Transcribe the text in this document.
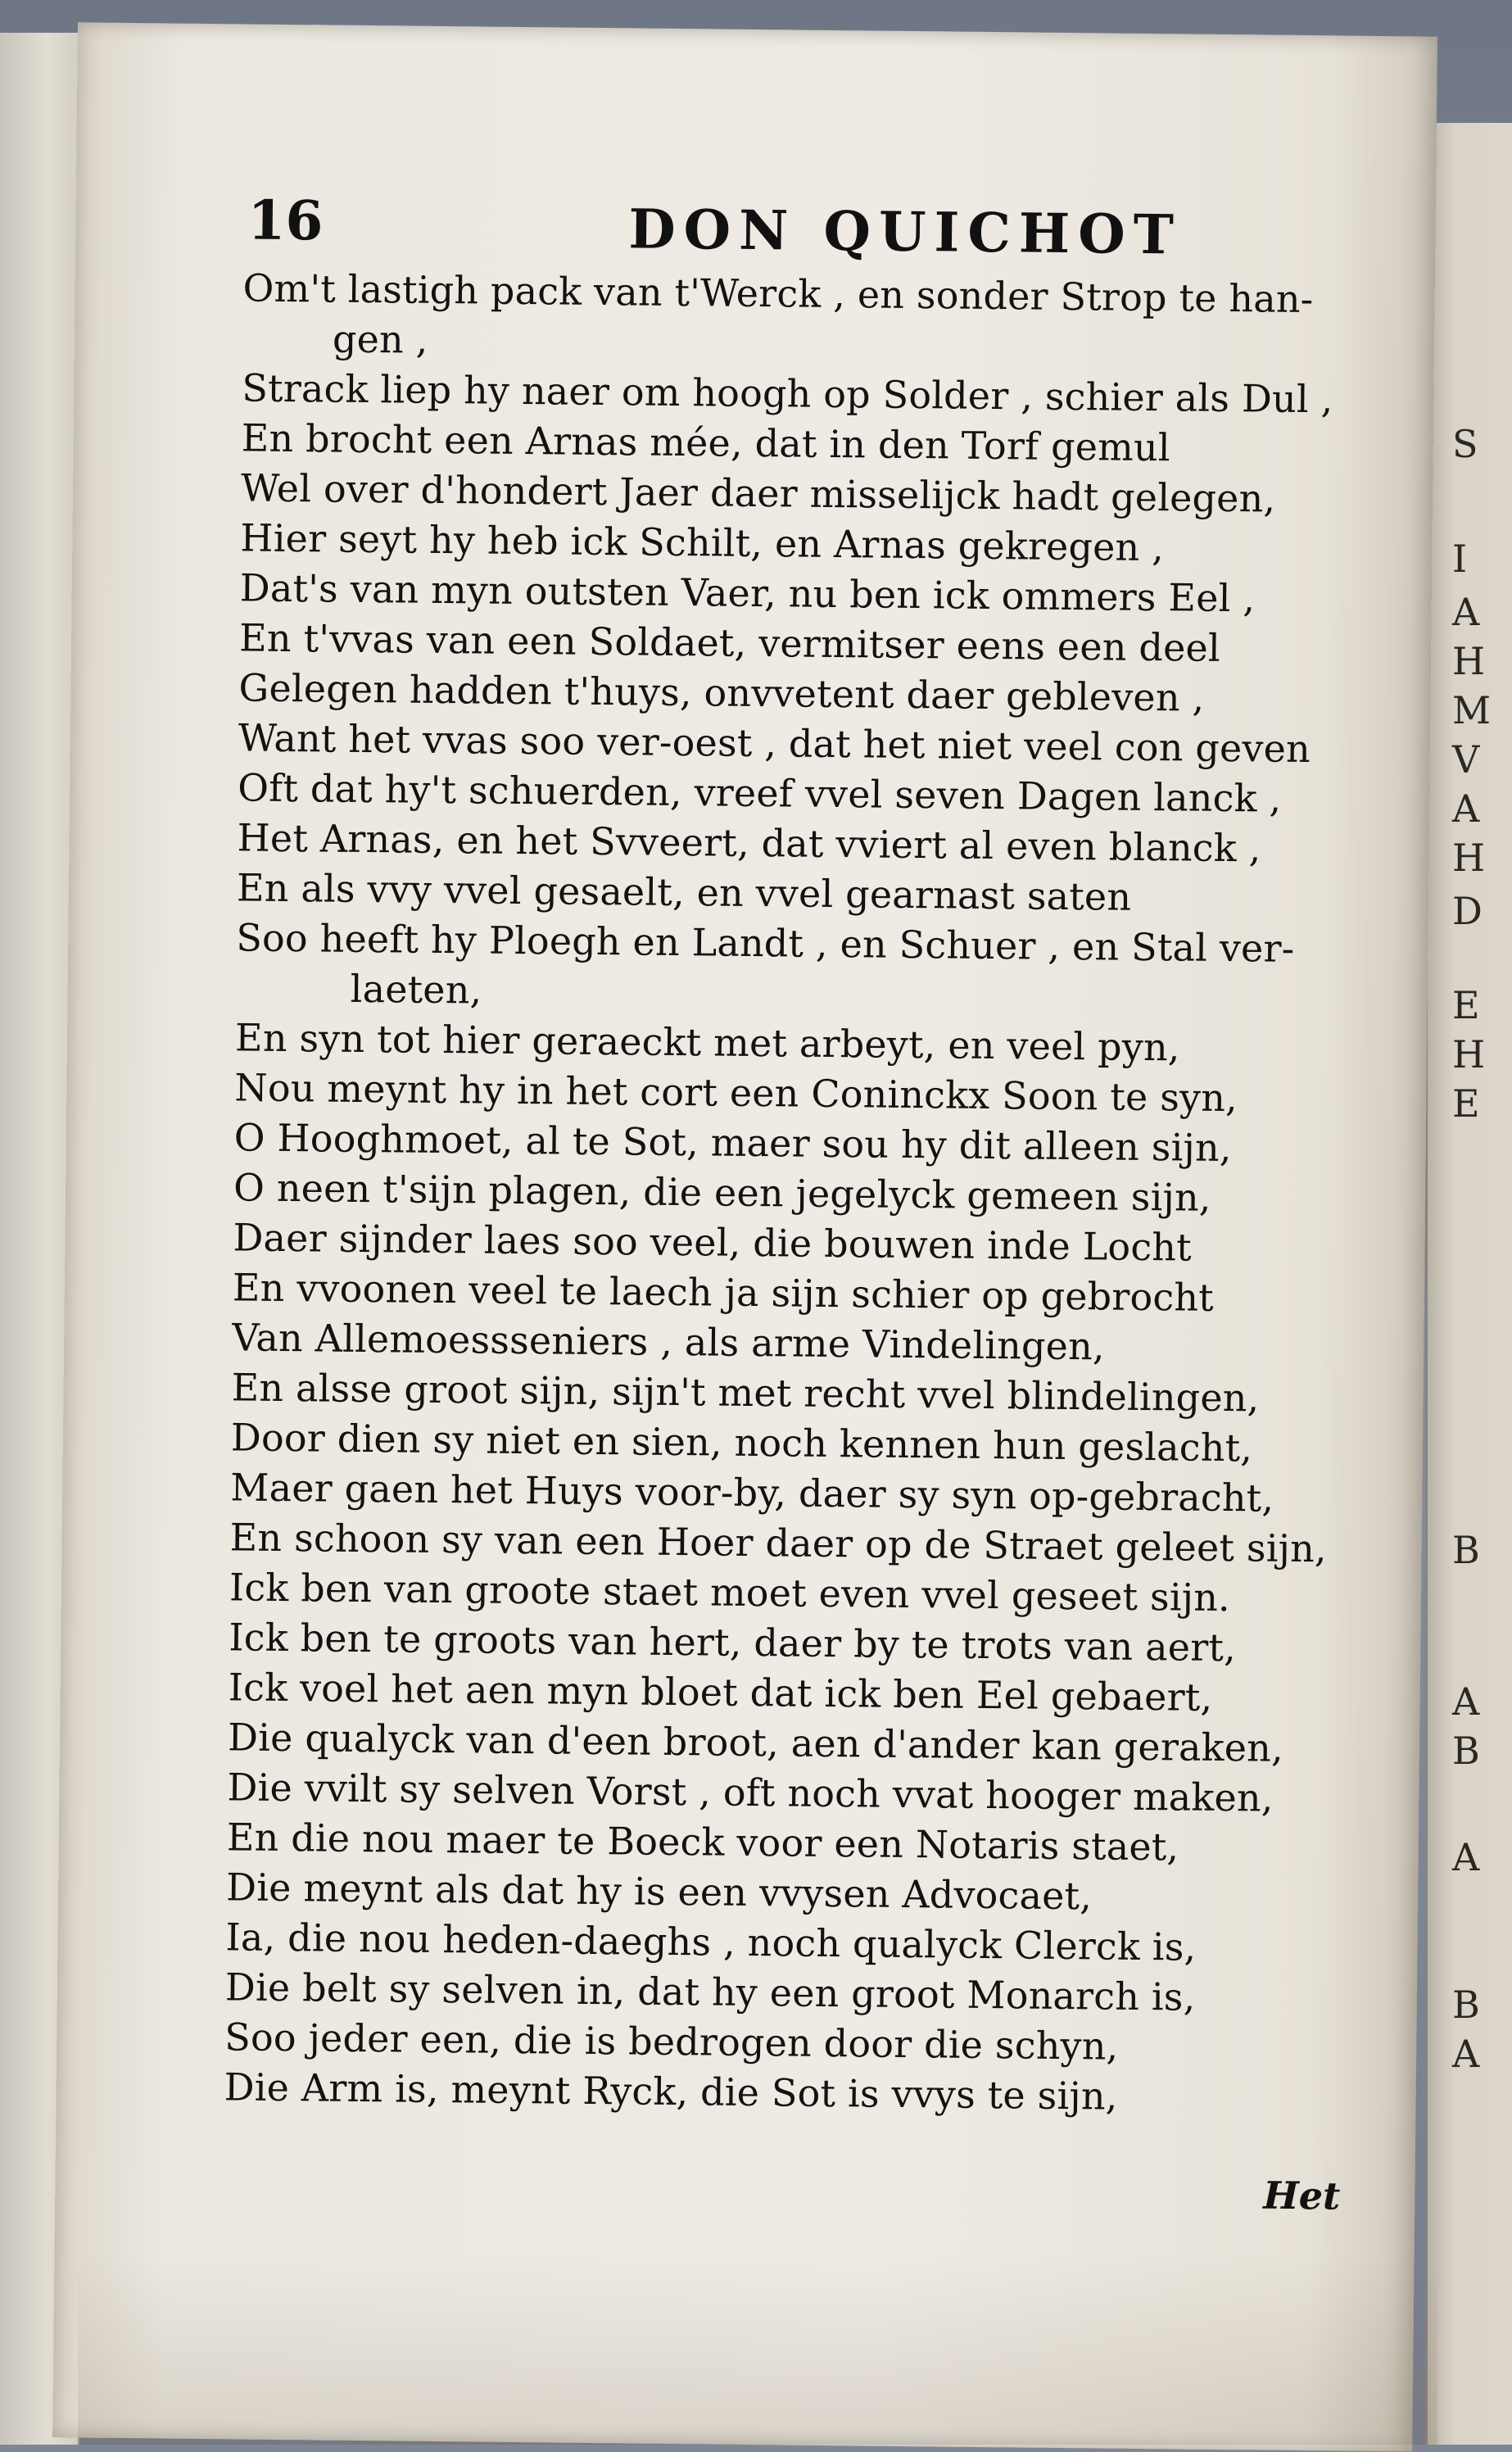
S
I
A
H
M
V
A
H
D
E
H
E
B
A
B
A
B
A
16	DON QUICHOT
Om't lastigh pack van t'Werck , en sonder Strop te han-
gen ,
Strack liep hy naer om hoogh op Solder , schier als Dul ,
En brocht een Arnas mée, dat in den Torf gemul
Wel over d'hondert Jaer daer misselijck hadt gelegen,
Hier seyt hy heb ick Schilt, en Arnas gekregen ,
Dat's van myn outsten Vaer, nu ben ick ommers Eel ,
En t'vvas van een Soldaet, vermitser eens een deel
Gelegen hadden t'huys, onvvetent daer gebleven ,
Want het vvas soo ver-oest , dat het niet veel con geven
Oft dat hy't schuerden, vreef vvel seven Dagen lanck ,
Het Arnas, en het Svveert, dat vviert al even blanck ,
En als vvy vvel gesaelt, en vvel gearnast saten
Soo heeft hy Ploegh en Landt , en Schuer , en Stal ver-
laeten,
En syn tot hier geraeckt met arbeyt, en veel pyn,
Nou meynt hy in het cort een Coninckx Soon te syn,
O Hooghmoet, al te Sot, maer sou hy dit alleen sijn,
O neen t'sijn plagen, die een jegelyck gemeen sijn,
Daer sijnder laes soo veel, die bouwen inde Locht
En vvoonen veel te laech ja sijn schier op gebrocht
Van Allemoessseniers , als arme Vindelingen,
En alsse groot sijn, sijn't met recht vvel blindelingen,
Door dien sy niet en sien, noch kennen hun geslacht,
Maer gaen het Huys voor-by, daer sy syn op-gebracht,
En schoon sy van een Hoer daer op de Straet geleet sijn,
Ick ben van groote staet moet even vvel geseet sijn.
Ick ben te groots van hert, daer by te trots van aert,
Ick voel het aen myn bloet dat ick ben Eel gebaert,
Die qualyck van d'een broot, aen d'ander kan geraken,
Die vvilt sy selven Vorst , oft noch vvat hooger maken,
En die nou maer te Boeck voor een Notaris staet,
Die meynt als dat hy is een vvysen Advocaet,
Ia, die nou heden-daeghs , noch qualyck Clerck is,
Die belt sy selven in, dat hy een groot Monarch is,
Soo jeder een, die is bedrogen door die schyn,
Die Arm is, meynt Ryck, die Sot is vvys te sijn,
Het
